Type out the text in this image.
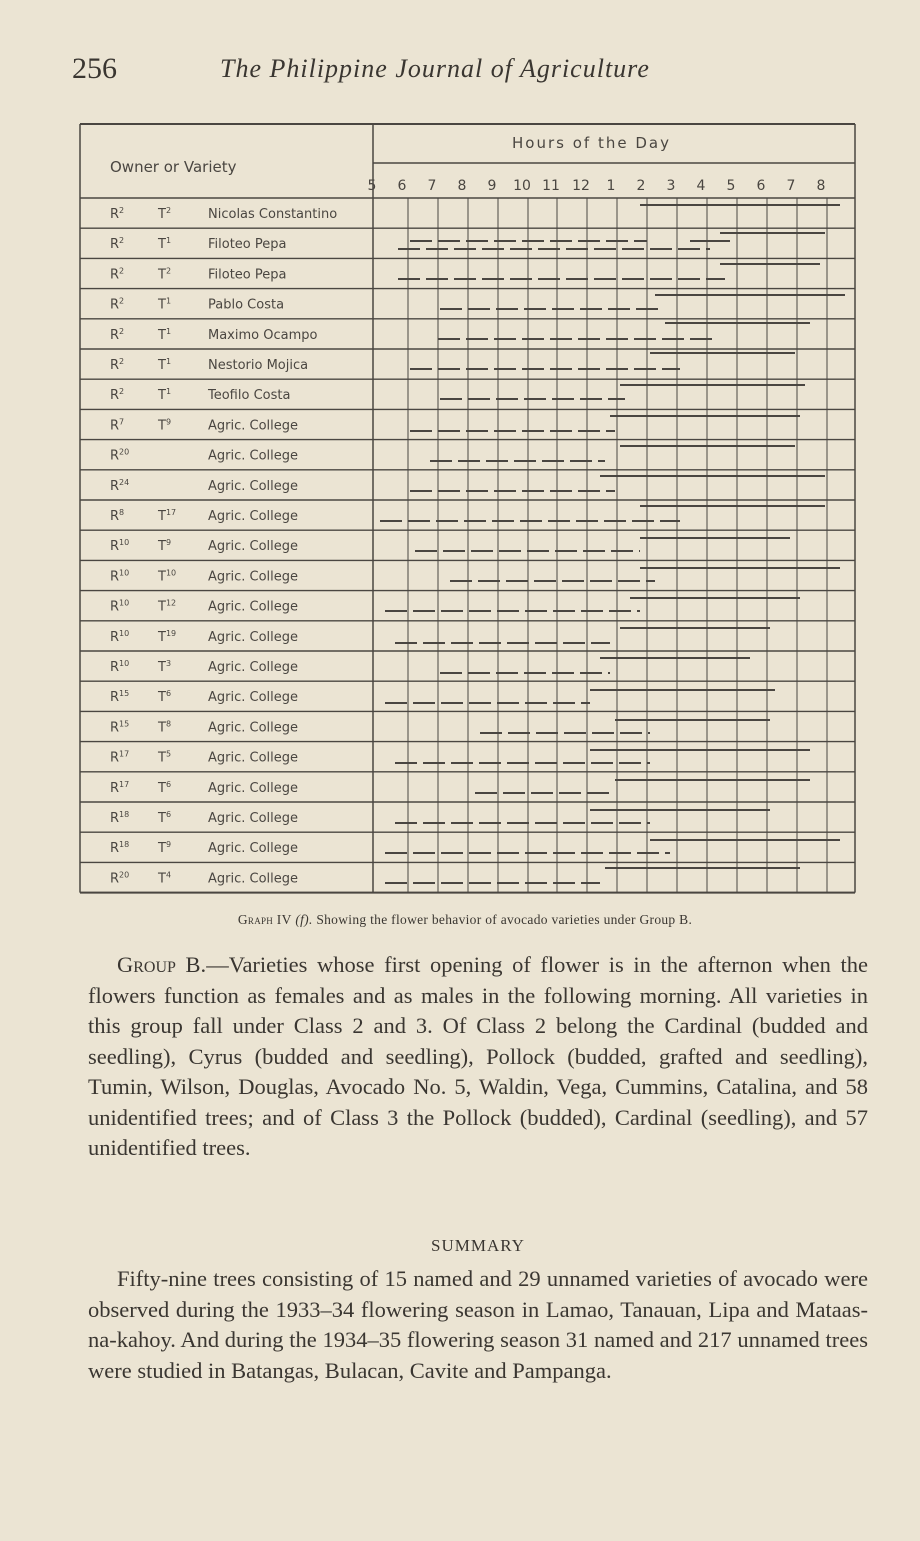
256	The Philippine Journal of Agriculture
Owner or Variety
Hours of the Day
5 6 7 8 9 10 11 12 1 2 3 4 5 6 7 8
$R^2$	$T^2$	Nicolas Constantino
$R^2$	$T^1$	Filoteo Pepa
$R^2$	$T^2$	Filoteo Pepa
$R^2$	$T^1$	Pablo Costa
$R^2$	$T^1$	Maximo Ocampo
$R^2$	$T^1$	Nestorio Mojica
$R^2$	$T^1$	Teofilo Costa
$R^7$	$T^9$	Agric. College
$R^{20}$	Agric. College
$R^{24}$	Agric. College
$R^8$	$T^{17}$ Agric. College
$R^{10}$ $T^9$	Agric. College
$R^{10}$ $T^{10}$ Agric. College
$R^{10}$ $T^{12}$ Agric. College
$R^{10}$ $T^{19}$ Agric. College
$R^{10}$ $T^3$	Agric. College
$R^{15}$ $T^6$	Agric. College
$R^{15}$ $T^8$	Agric. College
$R^{17}$ $T^5$	Agric. College
$R^{17}$ $T^6$	Agric. College
$R^{18}$ $T^6$	Agric. College
$R^{18}$ $T^9$	Agric. College
$R^{20}$ $T^4$	Agric. College
Graph IV (f). Showing the flower behavior of avocado varieties under Group B.
Group B.—Varieties whose first opening of flower is in the afternon when the flowers function as females and as males in the following morning. All varieties in this group fall under Class 2 and 3. Of Class 2 belong the Cardinal (budded and seedling), Cyrus (budded and seedling), Pollock (budded, grafted and seedling), Tumin, Wilson, Douglas, Avocado No. 5, Waldin, Vega, Cummins, Catalina, and 58 unidentified trees; and of Class 3 the Pollock (budded), Cardinal (seedling), and 57 unidentified trees.
SUMMARY
Fifty-nine trees consisting of 15 named and 29 unnamed varieties of avocado were observed during the 1933–34 flowering season in Lamao, Tanauan, Lipa and Mataas-na-kahoy. And during the 1934–35 flowering season 31 named and 217 unnamed trees were studied in Batangas, Bulacan, Cavite and Pampanga.
